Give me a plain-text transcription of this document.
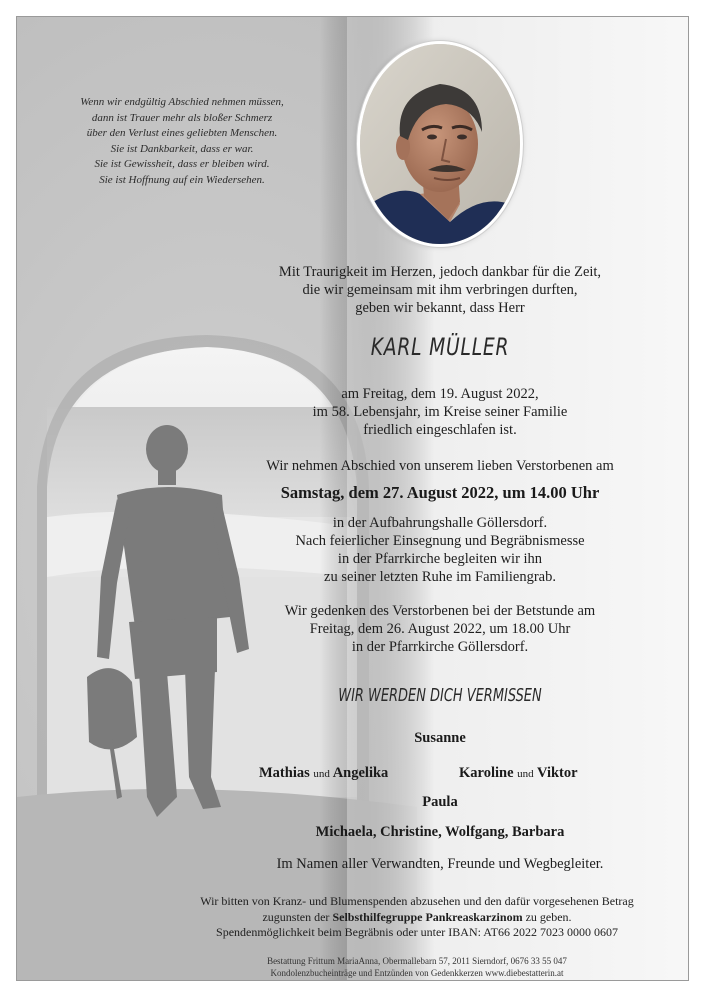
Wenn wir endgültig Abschied nehmen müssen,
dann ist Trauer mehr als bloßer Schmerz
über den Verlust eines geliebten Menschen.
Sie ist Dankbarkeit, dass er war.
Sie ist Gewissheit, dass er bleiben wird.
Sie ist Hoffnung auf ein Wiedersehen.
Mit Traurigkeit im Herzen, jedoch dankbar für die Zeit,
die wir gemeinsam mit ihm verbringen durften,
geben wir bekannt, dass Herr
KARL MÜLLER
am Freitag, dem 19. August 2022,
im 58. Lebensjahr, im Kreise seiner Familie
friedlich eingeschlafen ist.
Wir nehmen Abschied von unserem lieben Verstorbenen am
Samstag, dem 27. August 2022, um 14.00 Uhr
in der Aufbahrungshalle Göllersdorf.
Nach feierlicher Einsegnung und Begräbnismesse
in der Pfarrkirche begleiten wir ihn
zu seiner letzten Ruhe im Familiengrab.
Wir gedenken des Verstorbenen bei der Betstunde am
Freitag, dem 26. August 2022, um 18.00 Uhr
in der Pfarrkirche Göllersdorf.
WIR WERDEN DICH VERMISSEN
Susanne
Mathias und Angelika	Karoline und Viktor
Paula
Michaela, Christine, Wolfgang, Barbara
Im Namen aller Verwandten, Freunde und Wegbegleiter.
Wir bitten von Kranz- und Blumenspenden abzusehen und den dafür vorgesehenen Betrag
zugunsten der Selbsthilfegruppe Pankreaskarzinom zu geben.
Spendenmöglichkeit beim Begräbnis oder unter IBAN: AT66 2022 7023 0000 0607
Bestattung Frittum MariaAnna, Obermallebarn 57, 2011 Sierndorf, 0676 33 55 047
Kondolenzbucheinträge und Entzünden von Gedenkkerzen www.diebestatterin.at
